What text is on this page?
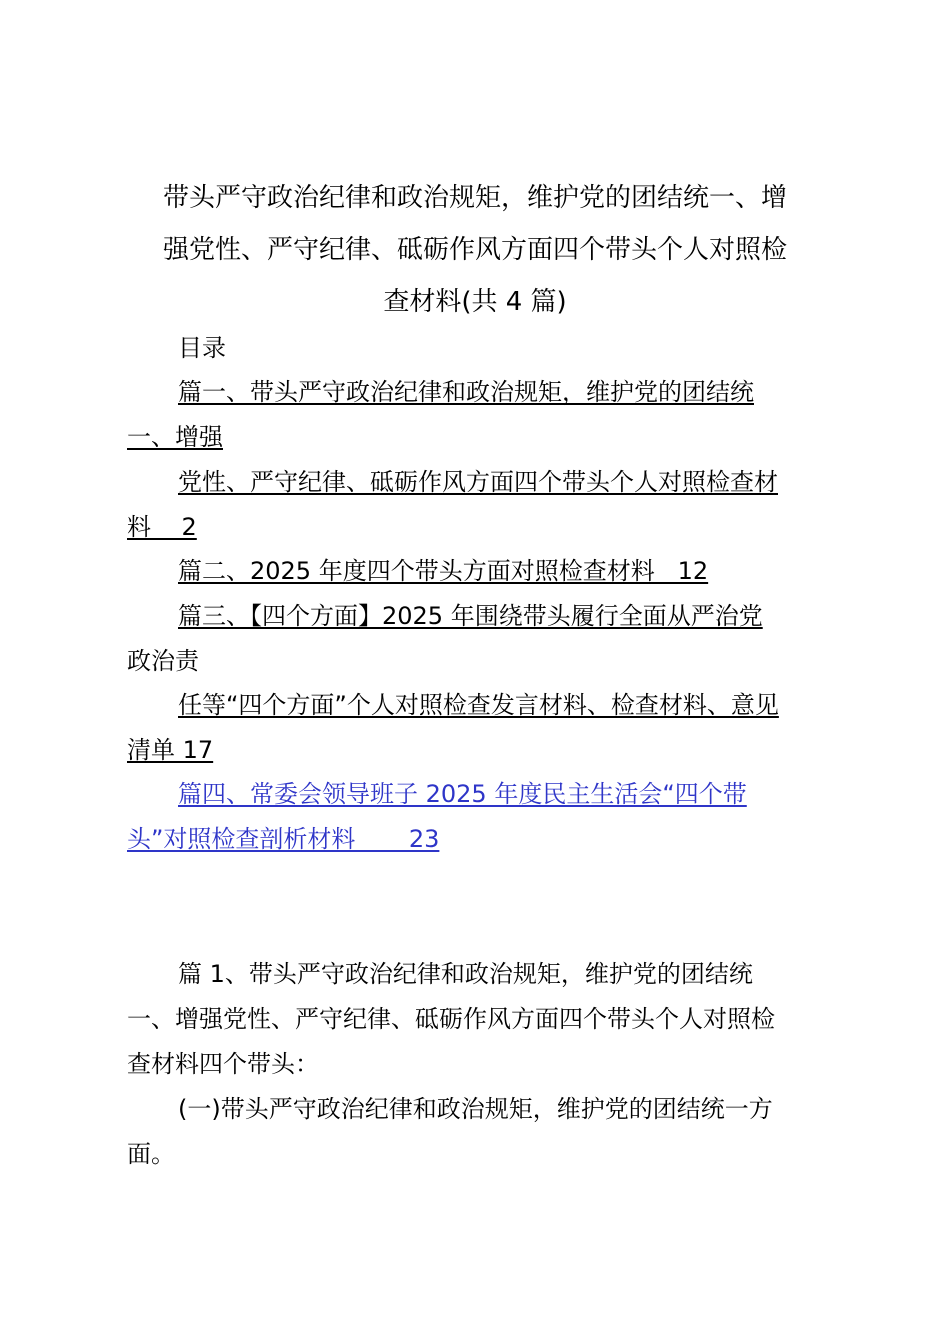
带头严守政治纪律和政治规矩，维护党的团结统一、增
强党性、严守纪律、砥砺作风方面四个带头个人对照检
查材料(共 4 篇)
目录
篇一、带头严守政治纪律和政治规矩，维护党的团结统
一、增强
党性、严守纪律、砥砺作风方面四个带头个人对照检查材
料    2
篇二、2025 年度四个带头方面对照检查材料   12
篇三、【四个方面】2025 年围绕带头履行全面从严治党
政治责
任等“四个方面”个人对照检查发言材料、检查材料、意见
清单 17
篇四、常委会领导班子 2025 年度民主生活会“四个带
头”对照检查剖析材料       23
篇 1、带头严守政治纪律和政治规矩，维护党的团结统
一、增强党性、严守纪律、砥砺作风方面四个带头个人对照检
查材料四个带头：
(一)带头严守政治纪律和政治规矩，维护党的团结统一方
面。
